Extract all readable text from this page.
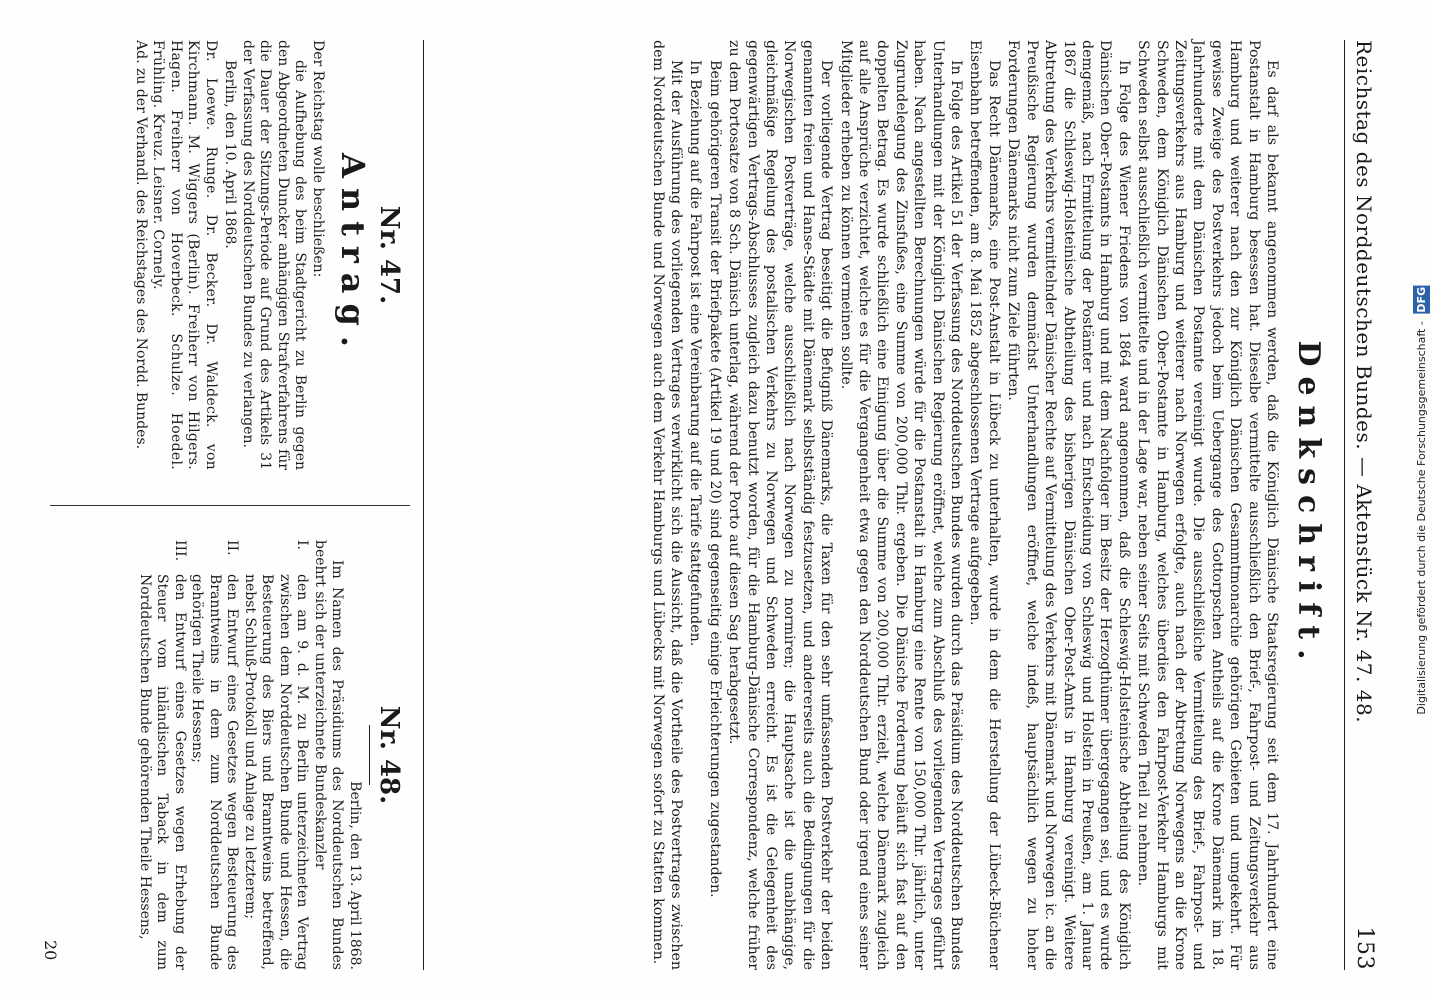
Reichstag des Norddeutschen Bundes. — Aktenstück Nr. 47. 48.
153
Denkschrift.

Es darf als bekannt angenommen werden, daß die Königlich Dänische Staatsregierung seit dem 17. Jahrhundert eine Postanstalt in Hamburg besessen hat. Dieselbe vermittelte ausschließlich den Brief-, Fahrpost- und Zeitungsverkehr aus Hamburg und weiterer nach den zur Königlich Dänischen Gesammtmonarchie gehörigen Gebieten und umgekehrt. Für gewisse Zweige des Postverkehrs jedoch beim Uebergange des Gottorpschen Antheils auf die Krone Dänemark im 18. Jahrhunderte mit dem Dänischen Postamte vereinigt wurde. Die ausschließliche Vermittelung des Brief-, Fahrpost- und Zeitungsverkehrs aus Hamburg und weiterer nach Norwegen erfolgte, auch nach der Abtretung Norwegens an die Krone Schweden, dem Königlich Dänischen Ober-Postamte in Hamburg, welches überdies den Fahrpost-Verkehr Hamburgs mit Schweden selbst ausschließlich vermittelte und in der Lage war, neben seiner Seits mit Schweden Theil zu nehmen.

In Folge des Wiener Friedens von 1864 ward angenommen, daß die Schleswig-Holsteinische Abtheilung des Königlich Dänischen Ober-Postamts in Hamburg und mit dem Nachfolger im Besitz der Herzogthümer übergegangen sei, und es wurde demgemäß, nach Ermittelung der Postämter und nach Entscheidung von Schleswig und Holstein in Preußen, am 1. Januar 1867 die Schleswig-Holsteinische Abtheilung des bisherigen Dänischen Ober-Post-Amts in Hamburg vereinigt. Weitere Abtretung des Verkehrs vermittelnder Dänischer Rechte auf Vermittelung des Verkehrs mit Dänemark und Norwegen ic. an die Preußische Regierung wurden demnächst Unterhandlungen eröffnet, welche indeß, hauptsächlich wegen zu hoher Forderungen Dänemarks nicht zum Ziele führten.

Das Recht Dänemarks, eine Post-Anstalt in Lübeck zu unterhalten, wurde in dem die Herstellung der Lübeck-Büchener Eisenbahn betreffenden, am 8. Mai 1852 abgeschlossenen Vertrage aufgegeben.

In Folge des Artikel 51 der Verfassung des Norddeutschen Bundes wurden durch das Präsidium des Norddeutschen Bundes Unterhandlungen mit der Königlich Dänischen Regierung eröffnet, welche zum Abschluß des vorliegenden Vertrages geführt haben. Nach angestellten Berechnungen würde für die Postanstalt in Hamburg eine Rente von 150,000 Thlr. jährlich, unter Zugrundelegung des Zinsfußes, eine Summe von 200,000 Thlr. ergeben. Die Dänische Forderung beläuft sich fast auf den doppelten Betrag. Es wurde schließlich eine Einigung über die Summe von 200,000 Thlr. erzielt, welche Dänemark zugleich auf alle Ansprüche verzichtet, welche es für die Vergangenheit etwa gegen den Norddeutschen Bund oder irgend eines seiner Mitglieder erheben zu können vermeinen sollte.

Der vorliegende Vertrag beseitigt die Befugniß Dänemarks, die Taxen für den sehr umfassenden Postverkehr der beiden genannten freien und Hanse-Städte mit Dänemark selbstständig festzusetzen, und andererseits auch die Bedingungen für die Norwegischen Postverträge, welche ausschließlich nach Norwegen zu normiren; die Hauptsache ist die unabhängige, gleichmäßige Regelung des postalischen Verkehrs zu Norwegen und Schweden erreicht. Es ist die Gelegenheit des gegenwärtigen Vertrags-Abschlusses zugleich dazu benutzt worden, für die Hamburg-Dänische Correspondenz, welche früher zu dem Portosatze von 8 Sch. Dänisch unterlag, während der Porto auf diesen Sag herabgesetzt.

Beim gehörigeren Transit der Briefpakete (Artikel 19 und 20) sind gegenseitig einige Erleichterungen zugestanden.

In Beziehung auf die Fahrpost ist eine Vereinbarung auf die Tarife stattgefunden.

Mit der Ausführung des vorliegenden Vertrages verwirklicht sich die Aussicht, daß die Vortheile des Postvertrages zwischen dem Norddeutschen Bunde und Norwegen auch dem Verkehr Hamburgs und Lübecks mit Norwegen sofort zu Statten kommen.

Nr. 47.
Antrag.

Der Reichstag wolle beschließen:

die Aufhebung des beim Stadtgericht zu Berlin gegen den Abgeordneten Duncker anhängigen Strafverfahrens für die Dauer der Sitzungs-Periode auf Grund des Artikels 31 der Verfassung des Norddeutschen Bundes zu verlangen.

Berlin, den 10. April 1868.

Dr. Loewe. Runge. Dr. Becker. Dr. Waldeck. von Kirchmann. M. Wiggers (Berlin). Freiherr von Hilgers. Hagen. Freiherr von Hoverbeck. Schulze. Hoedel. Frühling. Kreuz. Leisner. Cornely.

Ad. zu der Verhandl. des Reichstages des Nordd. Bundes.

Nr. 48.

Berlin, den 13. April 1868.

Im Namen des Präsidiums des Norddeutschen Bundes beehrt sich der unterzeichnete Bundeskanzler

I.
den am 9. d. M. zu Berlin unterzeichneten Vertrag zwischen dem Norddeutschen Bunde und Hessen, die Besteuerung des Biers und Branntweins betreffend, nebst Schluß-Protokoll und Anlage zu letzterem;
II.
den Entwurf eines Gesetzes wegen Besteuerung des Branntweins in dem zum Norddeutschen Bunde gehörigen Theile Hessens;
III.
den Entwurf eines Gesetzes wegen Erhebung der Steuer vom inländischen Taback in dem zum Norddeutschen Bunde gehörenden Theile Hessens,
20
Digitalisierung gefördert durch die Deutsche Forschungsgemeinschaft - DFG
